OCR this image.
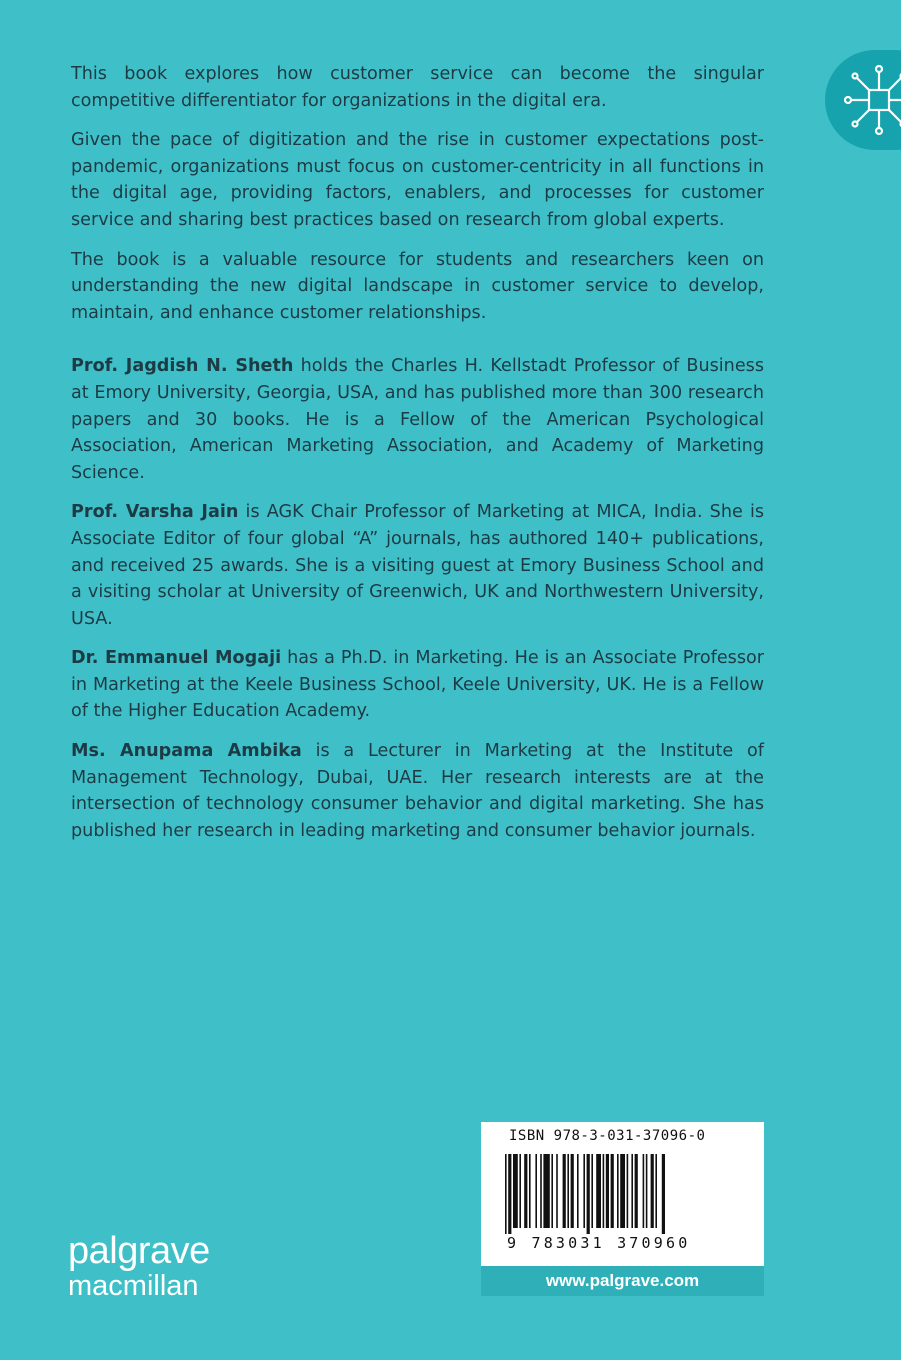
This book explores how customer service can become the singular competitive differentiator for organizations in the digital era.

Given the pace of digitization and the rise in customer expectations post-pandemic, organizations must focus on customer-centricity in all functions in the digital age, providing factors, enablers, and processes for customer service and sharing best practices based on research from global experts.

The book is a valuable resource for students and researchers keen on understanding the new digital landscape in customer service to develop, maintain, and enhance customer relationships.

Prof. Jagdish N. Sheth holds the Charles H. Kellstadt Professor of Business at Emory University, Georgia, USA, and has published more than 300 research papers and 30 books. He is a Fellow of the American Psychological Association, American Marketing Association, and Academy of Marketing Science.

Prof. Varsha Jain is AGK Chair Professor of Marketing at MICA, India. She is Associate Editor of four global “A” journals, has authored 140+ publications, and received 25 awards. She is a visiting guest at Emory Business School and a visiting scholar at University of Greenwich, UK and Northwestern University, USA.

Dr. Emmanuel Mogaji has a Ph.D. in Marketing. He is an Associate Professor in Marketing at the Keele Business School, Keele University, UK. He is a Fellow of the Higher Education Academy.

Ms. Anupama Ambika is a Lecturer in Marketing at the Institute of Management Technology, Dubai, UAE. Her research interests are at the intersection of technology consumer behavior and digital marketing. She has published her research in leading marketing and consumer behavior journals.

ISBN 978-3-031-37096-0
9 783031 370960
www.palgrave.com
palgrave
macmillan
